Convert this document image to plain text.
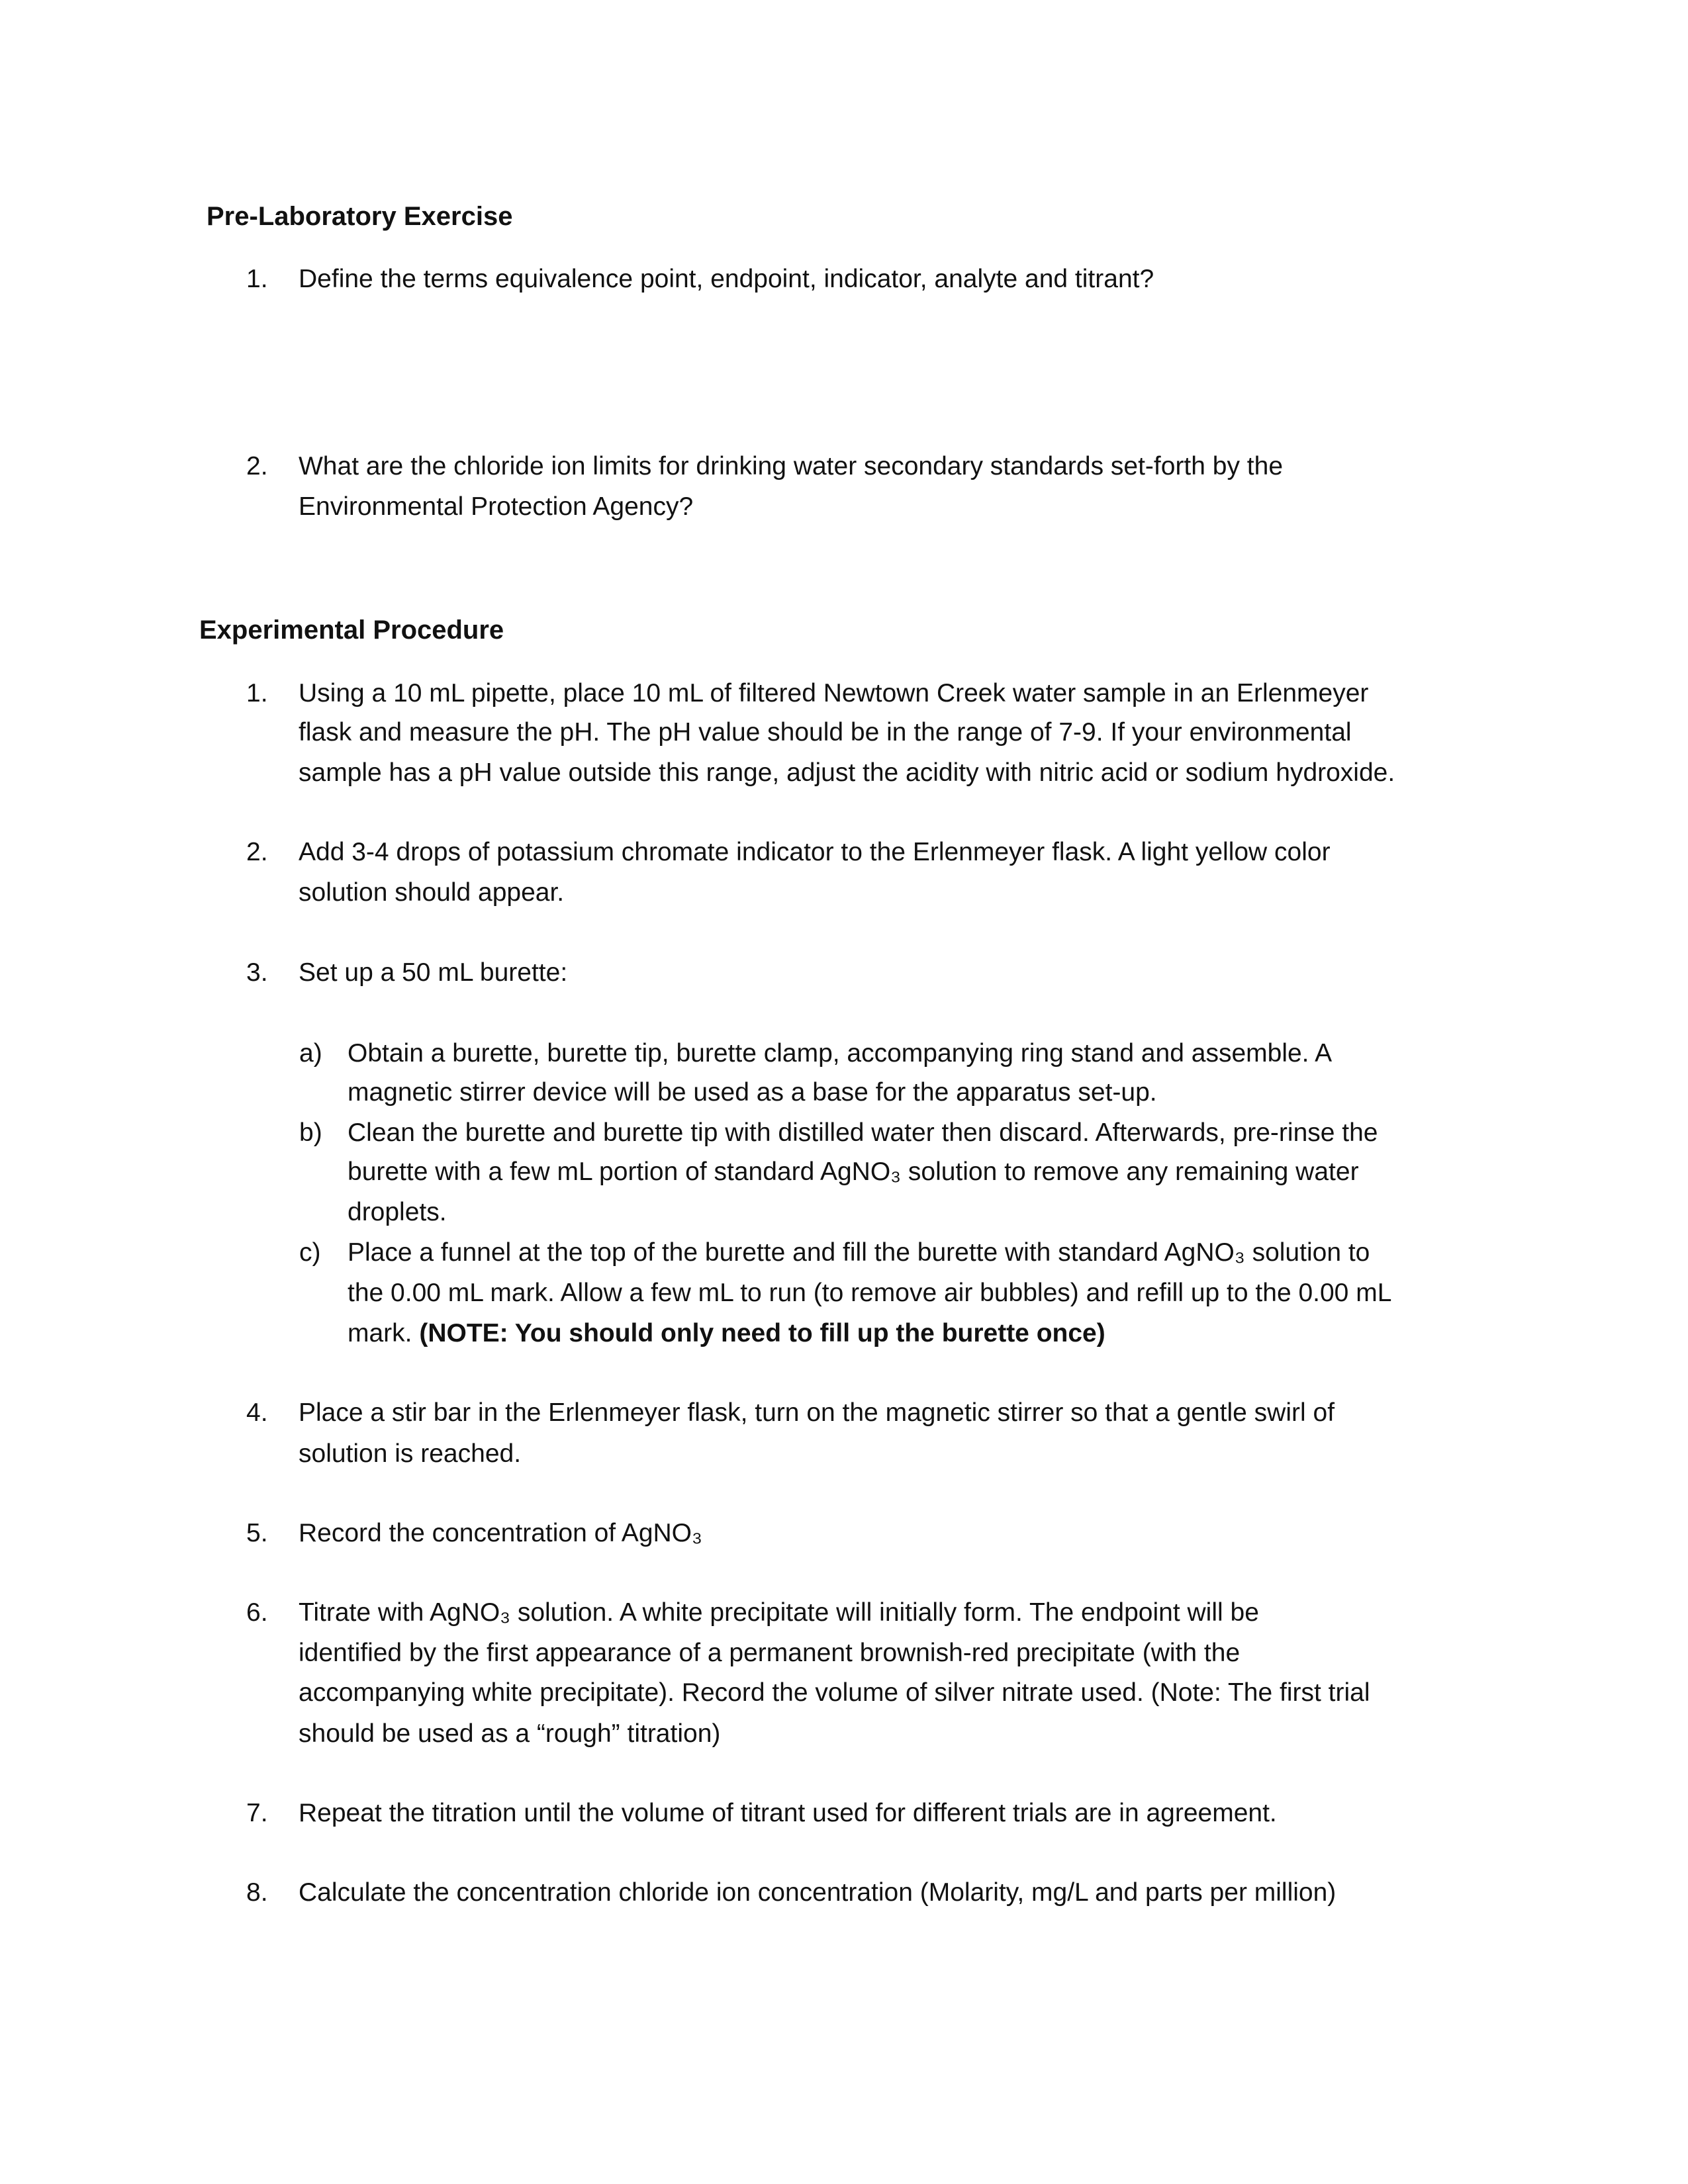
Pre-Laboratory Exercise
1. Define the terms equivalence point, endpoint, indicator, analyte and titrant?
2. What are the chloride ion limits for drinking water secondary standards set-forth by the
Environmental Protection Agency?
Experimental Procedure
1. Using a 10 mL pipette, place 10 mL of filtered Newtown Creek water sample in an Erlenmeyer
flask and measure the pH. The pH value should be in the range of 7-9. If your environmental
sample has a pH value outside this range, adjust the acidity with nitric acid or sodium hydroxide.
2. Add 3-4 drops of potassium chromate indicator to the Erlenmeyer flask. A light yellow color
solution should appear.
3. Set up a 50 mL burette:
a) Obtain a burette, burette tip, burette clamp, accompanying ring stand and assemble. A
magnetic stirrer device will be used as a base for the apparatus set-up.
b) Clean the burette and burette tip with distilled water then discard. Afterwards, pre-rinse the
burette with a few mL portion of standard AgNO₃ solution to remove any remaining water
droplets.
c) Place a funnel at the top of the burette and fill the burette with standard AgNO₃ solution to
the 0.00 mL mark. Allow a few mL to run (to remove air bubbles) and refill up to the 0.00 mL
mark. (NOTE: You should only need to fill up the burette once)
4. Place a stir bar in the Erlenmeyer flask, turn on the magnetic stirrer so that a gentle swirl of
solution is reached.
5. Record the concentration of AgNO₃
6. Titrate with AgNO₃ solution. A white precipitate will initially form. The endpoint will be
identified by the first appearance of a permanent brownish-red precipitate (with the
accompanying white precipitate). Record the volume of silver nitrate used. (Note: The first trial
should be used as a “rough” titration)
7. Repeat the titration until the volume of titrant used for different trials are in agreement.
8. Calculate the concentration chloride ion concentration (Molarity, mg/L and parts per million)
